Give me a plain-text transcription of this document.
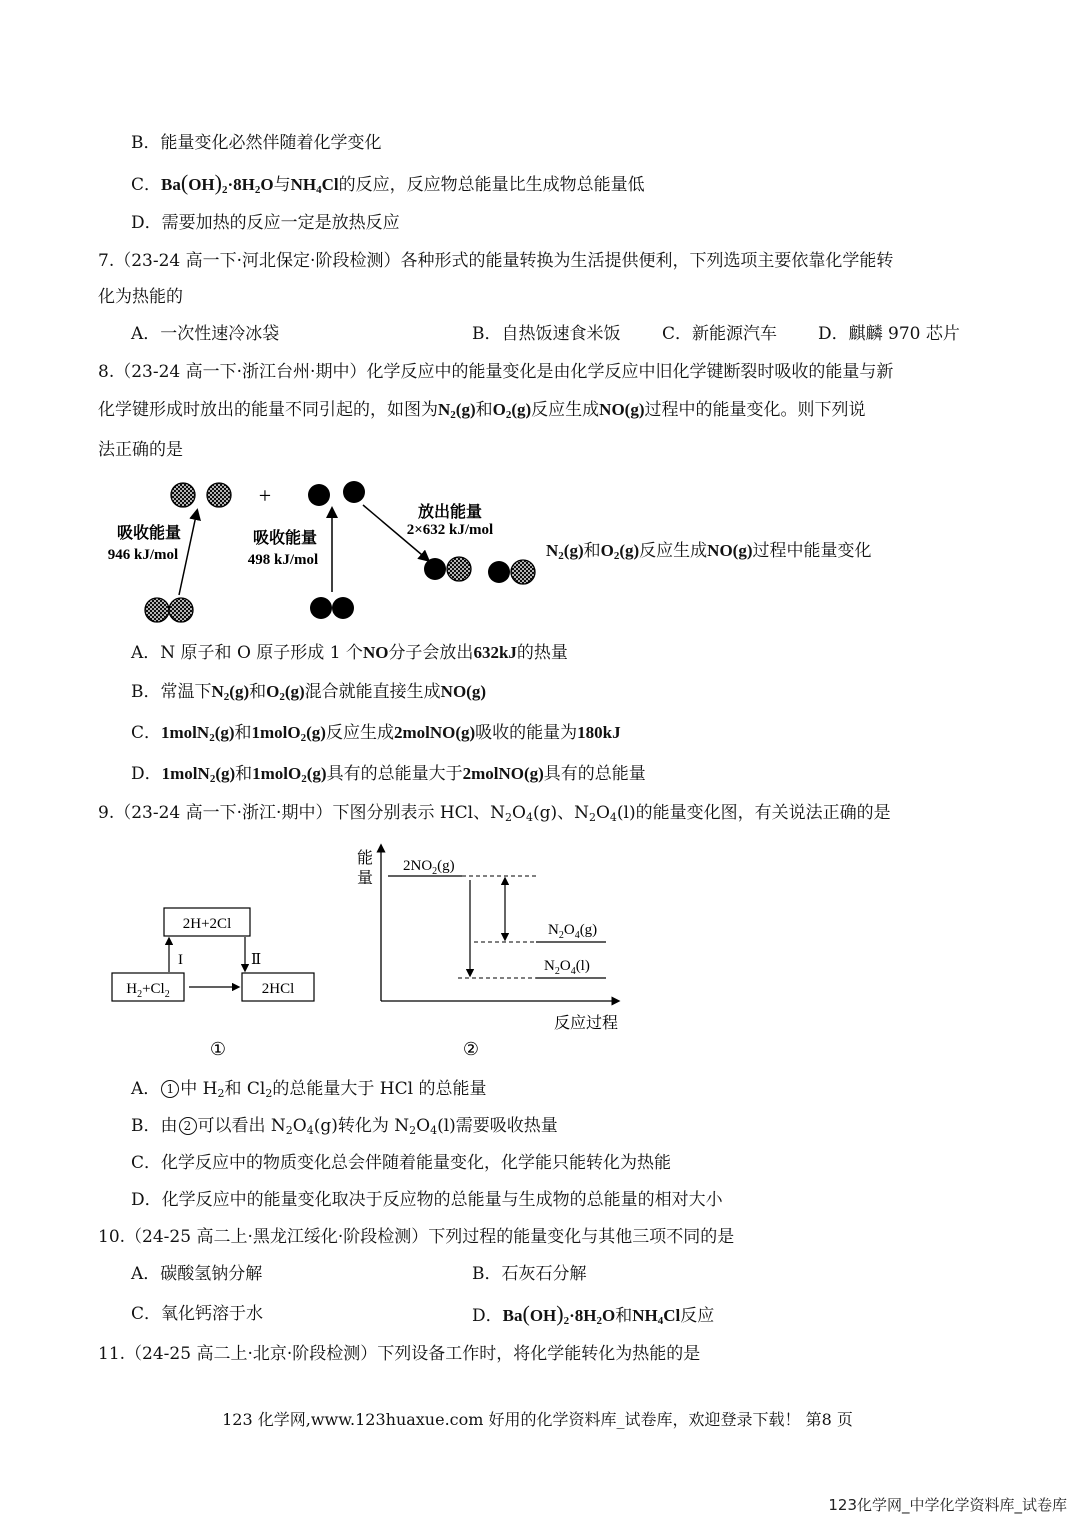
B．能量变化必然伴随着化学变化
C．$Ba(OH)_2\cdot 8H_2O$与$NH_4Cl$的反应，反应物总能量比生成物总能量低
D．需要加热的反应一定是放热反应
7.（23-24 高一下·河北保定·阶段检测）各种形式的能量转换为生活提供便利，下列选项主要依靠化学能转
化为热能的
A．一次性速冷冰袋	B．自热饭速食米饭 C．新能源汽车 D．麒麟 970 芯片
8.（23-24 高一下·浙江台州·期中）化学反应中的能量变化是由化学反应中旧化学键断裂时吸收的能量与新
化学键形成时放出的能量不同引起的，如图为$N_2(g)$和$O_2(g)$反应生成NO(g)过程中的能量变化。则下列说
法正确的是
+
吸收能量
946 kJ/mol
吸收能量
498 kJ/mol
放出能量
2×632 kJ/mol
$N_2(g)$和$O_2(g)$反应生成NO(g)过程中能量变化
A．N 原子和 O 原子形成 1 个NO分子会放出632kJ的热量
B．常温下$N_2(g)$和$O_2(g)$混合就能直接生成NO(g)
C．1molN$_2$(g)和1molO$_2$(g)反应生成2molNO(g)吸收的能量为180kJ
D．1molN$_2$(g)和1molO$_2$(g)具有的总能量大于2molNO(g)具有的总能量
9.（23-24 高一下·浙江·期中）下图分别表示 HCl、$N_2O_4(g)$、$N_2O_4(l)$的能量变化图，有关说法正确的是
2H+2Cl
$H_2+Cl_2$	2HCl
I	Ⅱ
①
能
量
$2NO_2(g)$
$N_2O_4(g)$
$N_2O_4(l)$
反应过程
②
A． 1 中 $H_2$和 $Cl_2$的总能量大于 HCl 的总能量
B．由 2 可以看出 $N_2O_4(g)$转化为 $N_2O_4(l)$需要吸收热量
C．化学反应中的物质变化总会伴随着能量变化，化学能只能转化为热能
D．化学反应中的能量变化取决于反应物的总能量与生成物的总能量的相对大小
10.（24-25 高二上·黑龙江绥化·阶段检测）下列过程的能量变化与其他三项不同的是
A．碳酸氢钠分解	B．石灰石分解
C．氧化钙溶于水	D．$Ba(OH)_2\cdot 8H_2O$和$NH_4Cl$反应
11.（24-25 高二上·北京·阶段检测）下列设备工作时，将化学能转化为热能的是
123 化学网,www.123huaxue.com 好用的化学资料库_试卷库，欢迎登录下载！ 第8 页
123化学网_中学化学资料库_试卷库
